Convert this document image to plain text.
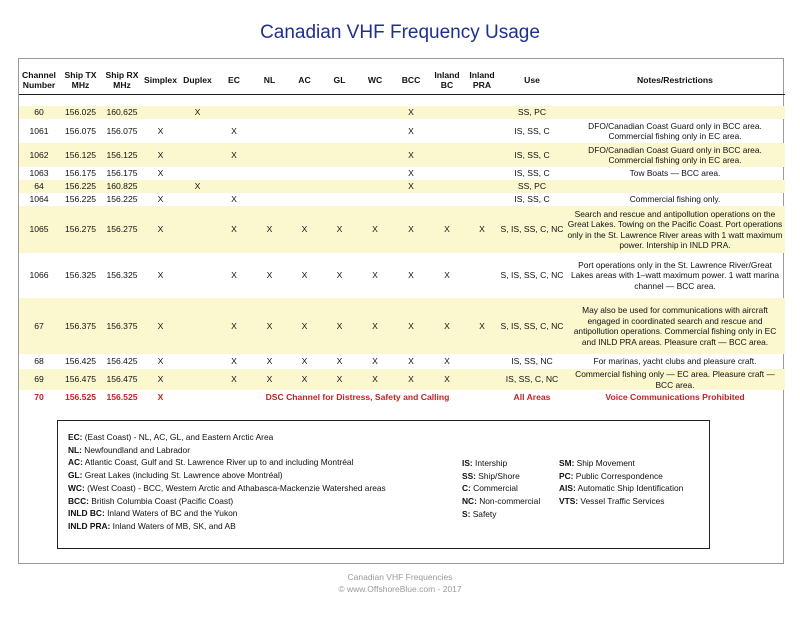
Canadian VHF Frequency Usage
Channel Number	Ship TX MHz	Ship RX MHz	Simplex	Duplex	EC	NL	AC	GL	WC	BCC	Inland BC	Inland PRA	Use	Notes/Restrictions

60	156.025	160.625		X						X			SS, PC	
1061	156.075	156.075	X		X					X			IS, SS, C	DFO/Canadian Coast Guard only in BCC area. Commercial fishing only in EC area.
1062	156.125	156.125	X		X					X			IS, SS, C	DFO/Canadian Coast Guard only in BCC area. Commercial fishing only in EC area.
1063	156.175	156.175	X							X			IS, SS, C	Tow Boats — BCC area.
64	156.225	160.825		X						X			SS, PC	
1064	156.225	156.225	X		X								IS, SS, C	Commercial fishing only.
1065	156.275	156.275	X		X	X	X	X	X	X	X	X	S, IS, SS, C, NC	Search and rescue and antipollution operations on the Great Lakes. Towing on the Pacific Coast. Port operations only in the St. Lawrence River areas with 1 watt maximum power. Intership in INLD PRA.
1066	156.325	156.325	X		X	X	X	X	X	X	X		S, IS, SS, C, NC	Port operations only in the St. Lawrence River/Great Lakes areas with 1–watt maximum power. 1 watt marina channel — BCC area.
67	156.375	156.375	X		X	X	X	X	X	X	X	X	S, IS, SS, C, NC	May also be used for communications with aircraft engaged in coordinated search and rescue and antipollution operations. Commercial fishing only in EC and INLD PRA areas. Pleasure craft — BCC area.
68	156.425	156.425	X		X	X	X	X	X	X	X		IS, SS, NC	For marinas, yacht clubs and pleasure craft.
69	156.475	156.475	X		X	X	X	X	X	X	X		IS, SS, C, NC	Commercial fishing only — EC area. Pleasure craft — BCC area.
70	156.525	156.525	X		DSC Channel for Distress, Safety and Calling								All Areas	Voice Communications Prohibited
EC: (East Coast) - NL, AC, GL, and Eastern Arctic Area
NL: Newfoundland and Labrador
AC: Atlantic Coast, Gulf and St. Lawrence River up to and including Montréal
GL: Great Lakes (including St. Lawrence above Montréal)
WC: (West Coast) - BCC, Western Arctic and Athabasca-Mackenzie Watershed areas
BCC: British Columbia Coast (Pacific Coast)
INLD BC: Inland Waters of BC and the Yukon
INLD PRA: Inland Waters of MB, SK, and AB
IS: Intership
SS: Ship/Shore
C: Commercial
NC: Non-commercial
S: Safety
SM: Ship Movement
PC: Public Correspondence
AIS: Automatic Ship Identification
VTS: Vessel Traffic Services
Canadian VHF Frequencies
© www.OffshoreBlue.com - 2017
